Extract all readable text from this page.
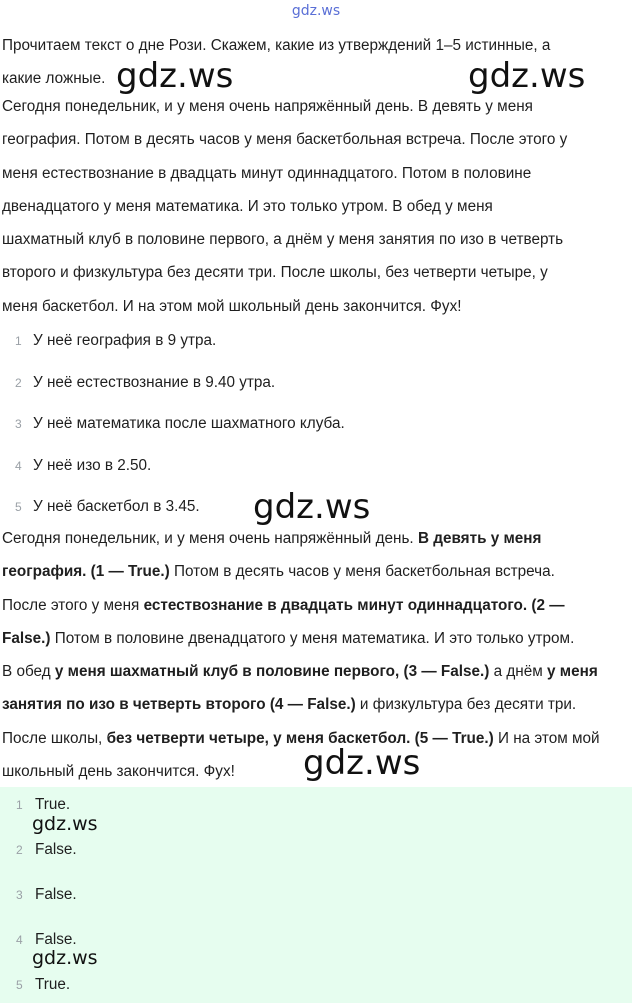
gdz.ws

Прочитаем текст о дне Рози. Скажем, какие из утверждений 1–5 истинные, а
какие ложные.

Сегодня понедельник, и у меня очень напряжённый день. В девять у меня
география. Потом в десять часов у меня баскетбольная встреча. После этого у
меня естествознание в двадцать минут одиннадцатого. Потом в половине
двенадцатого у меня математика. И это только утром. В обед у меня
шахматный клуб в половине первого, а днём у меня занятия по изо в четверть
второго и физкультура без десяти три. После школы, без четверти четыре, у
меня баскетбол. И на этом мой школьный день закончится. Фух!

1 У неё география в 9 утра.
2 У неё естествознание в 9.40 утра.
3 У неё математика после шахматного клуба.
4 У неё изо в 2.50.
5 У неё баскетбол в 3.45.

Сегодня понедельник, и у меня очень напряжённый день. В девять у меня
география. (1 — True.) Потом в десять часов у меня баскетбольная встреча.
После этого у меня естествознание в двадцать минут одиннадцатого. (2 —
False.) Потом в половине двенадцатого у меня математика. И это только утром.
В обед у меня шахматный клуб в половине первого, (3 — False.) а днём у меня
занятия по изо в четверть второго (4 — False.) и физкультура без десяти три.
После школы, без четверти четыре, у меня баскетбол. (5 — True.) И на этом мой
школьный день закончится. Фух!

1 True.
2 False.
3 False.
4 False.
5 True.
gdz.ws	gdz.ws
gdz.ws
gdz.ws
gdz.ws
gdz.ws
